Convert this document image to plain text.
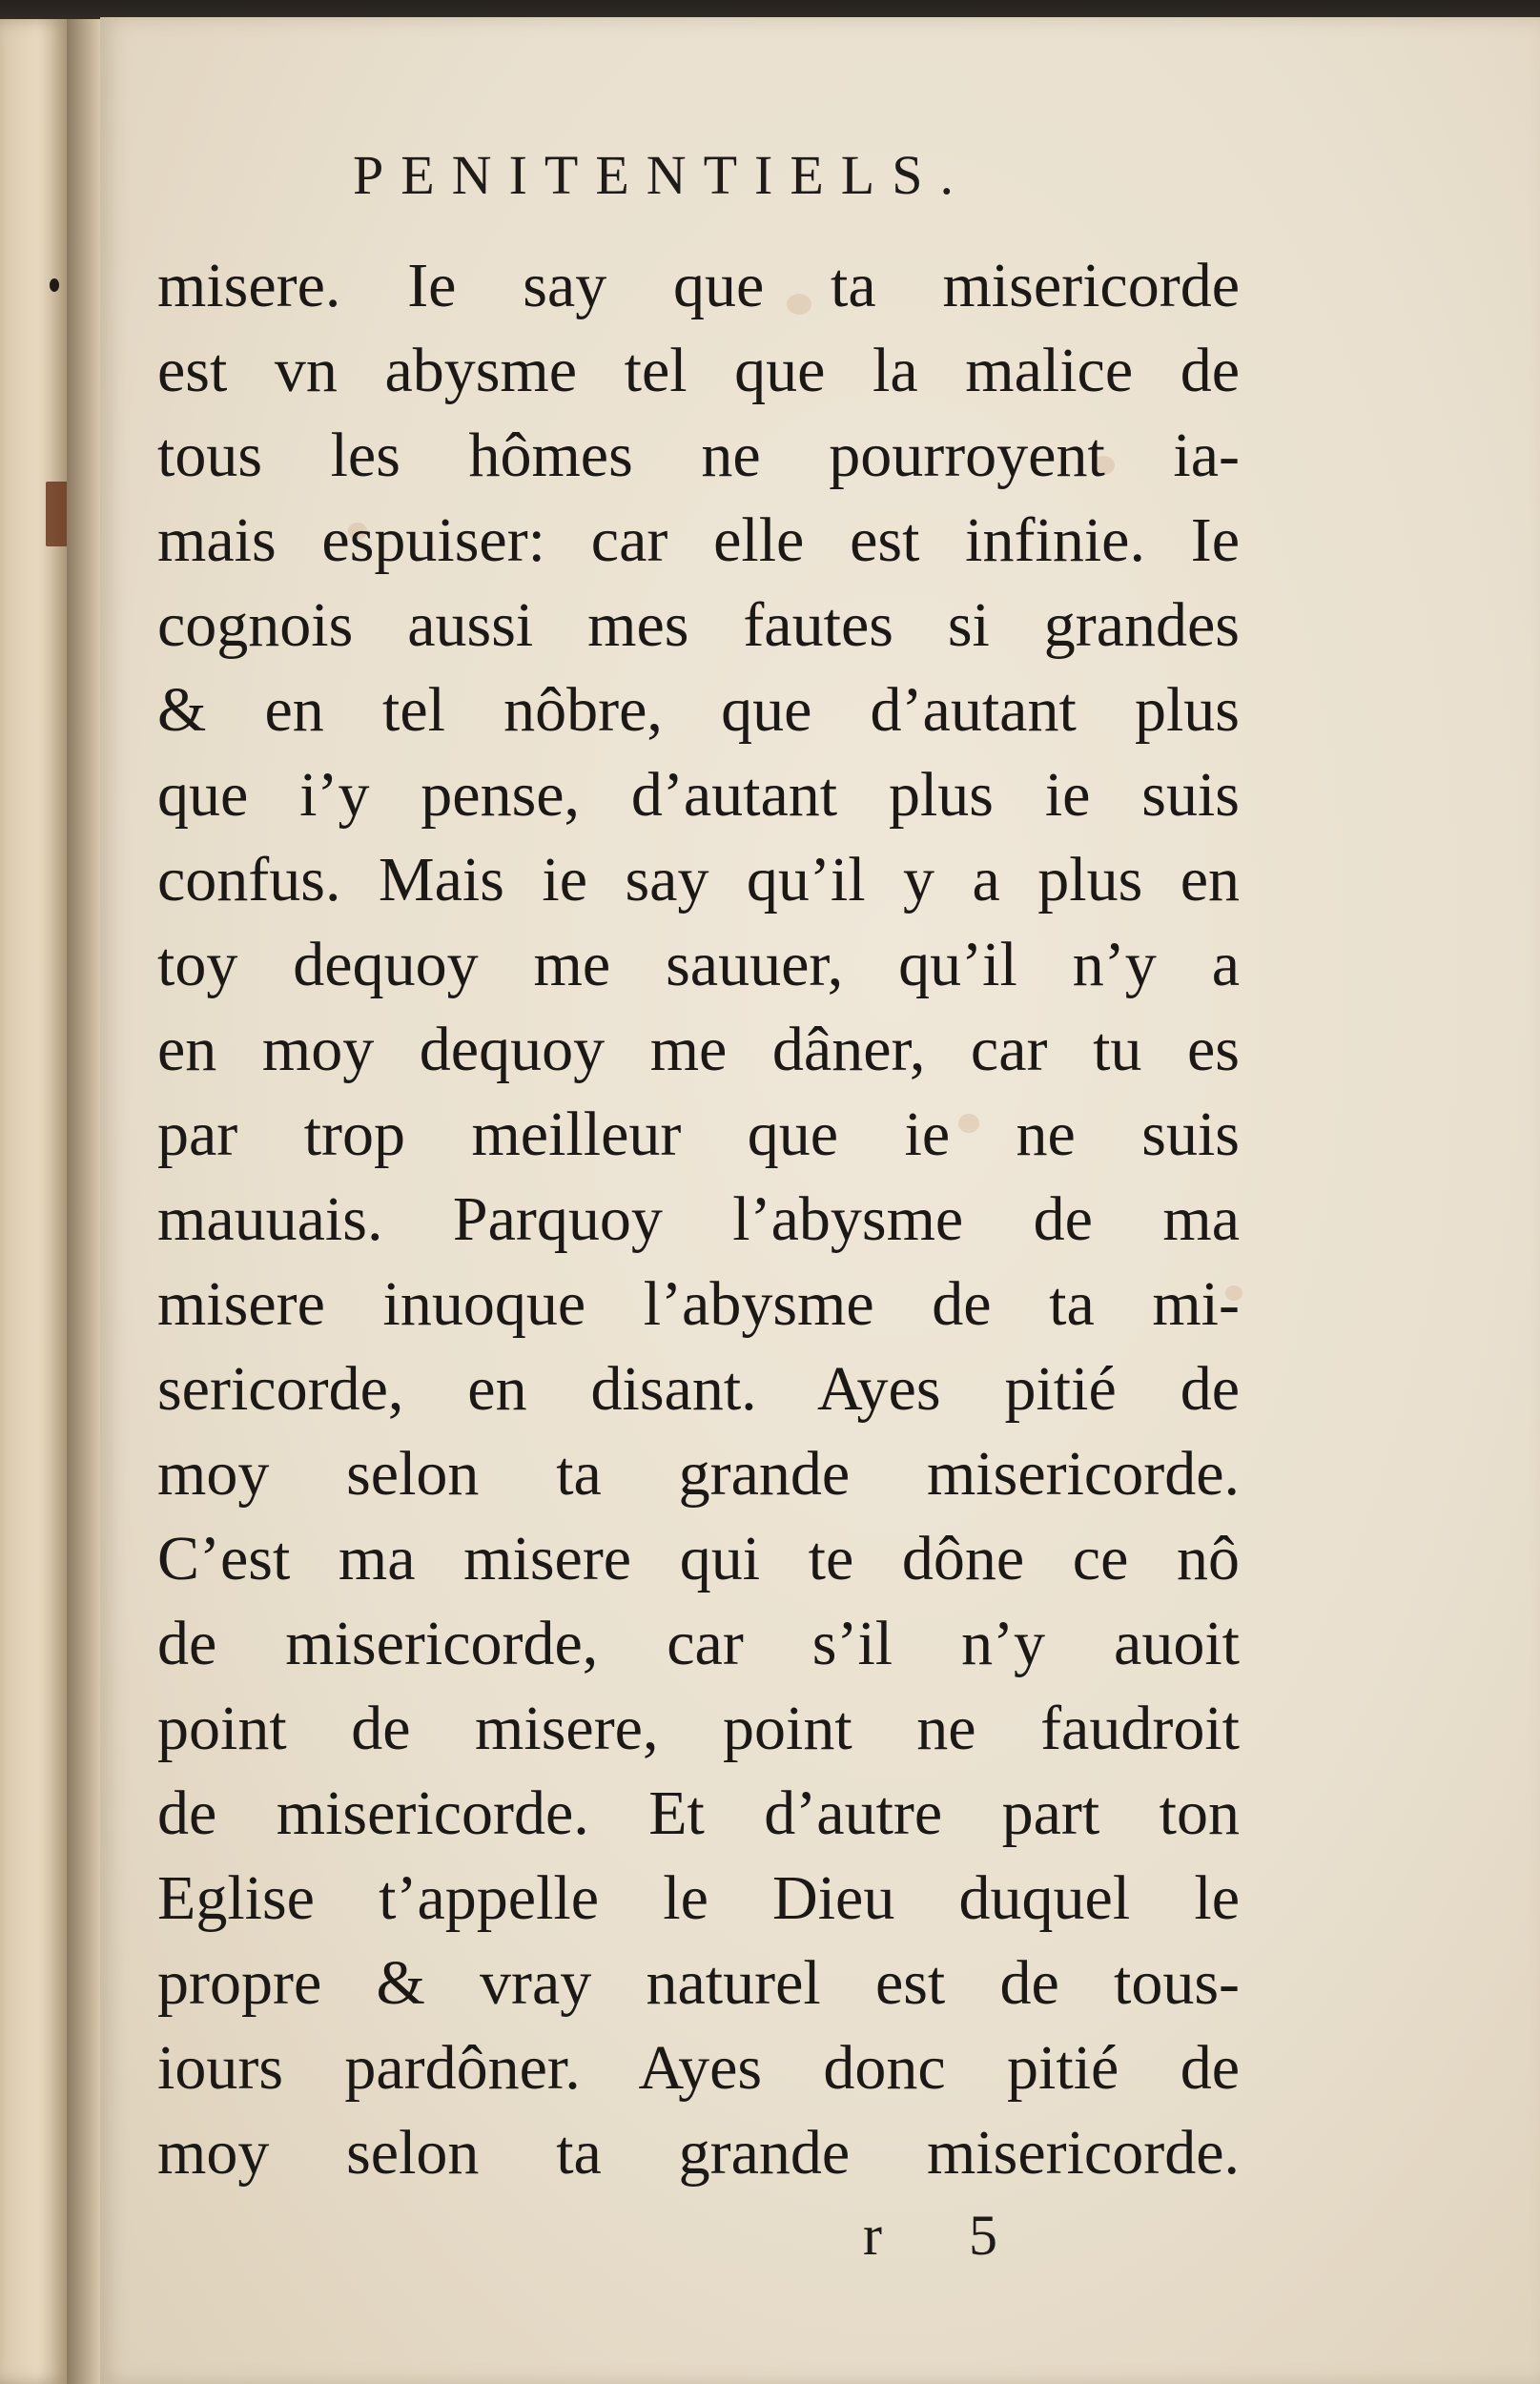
PENITENTIELS.
misere. Ie say que ta misericorde
est vn abysme tel que la malice de
tous les hômes ne pourroyent ia-
mais espuiser: car elle est infinie. Ie
cognois aussi mes fautes si grandes
& en tel nôbre, que d’autant plus
que i’y pense, d’autant plus ie suis
confus. Mais ie say qu’il y a plus en
toy dequoy me sauuer, qu’il n’y a
en moy dequoy me dâner, car tu es
par trop meilleur que ie ne suis
mauuais. Parquoy l’abysme de ma
misere inuoque l’abysme de ta mi-
sericorde, en disant. Ayes pitié de
moy selon ta grande misericorde.
C’est ma misere qui te dône ce nô
de misericorde, car s’il n’y auoit
point de misere, point ne faudroit
de misericorde. Et d’autre part ton
Eglise t’appelle le Dieu duquel le
propre & vray naturel est de tous-
iours pardôner. Ayes donc pitié de
moy selon ta grande misericorde.
r 5
